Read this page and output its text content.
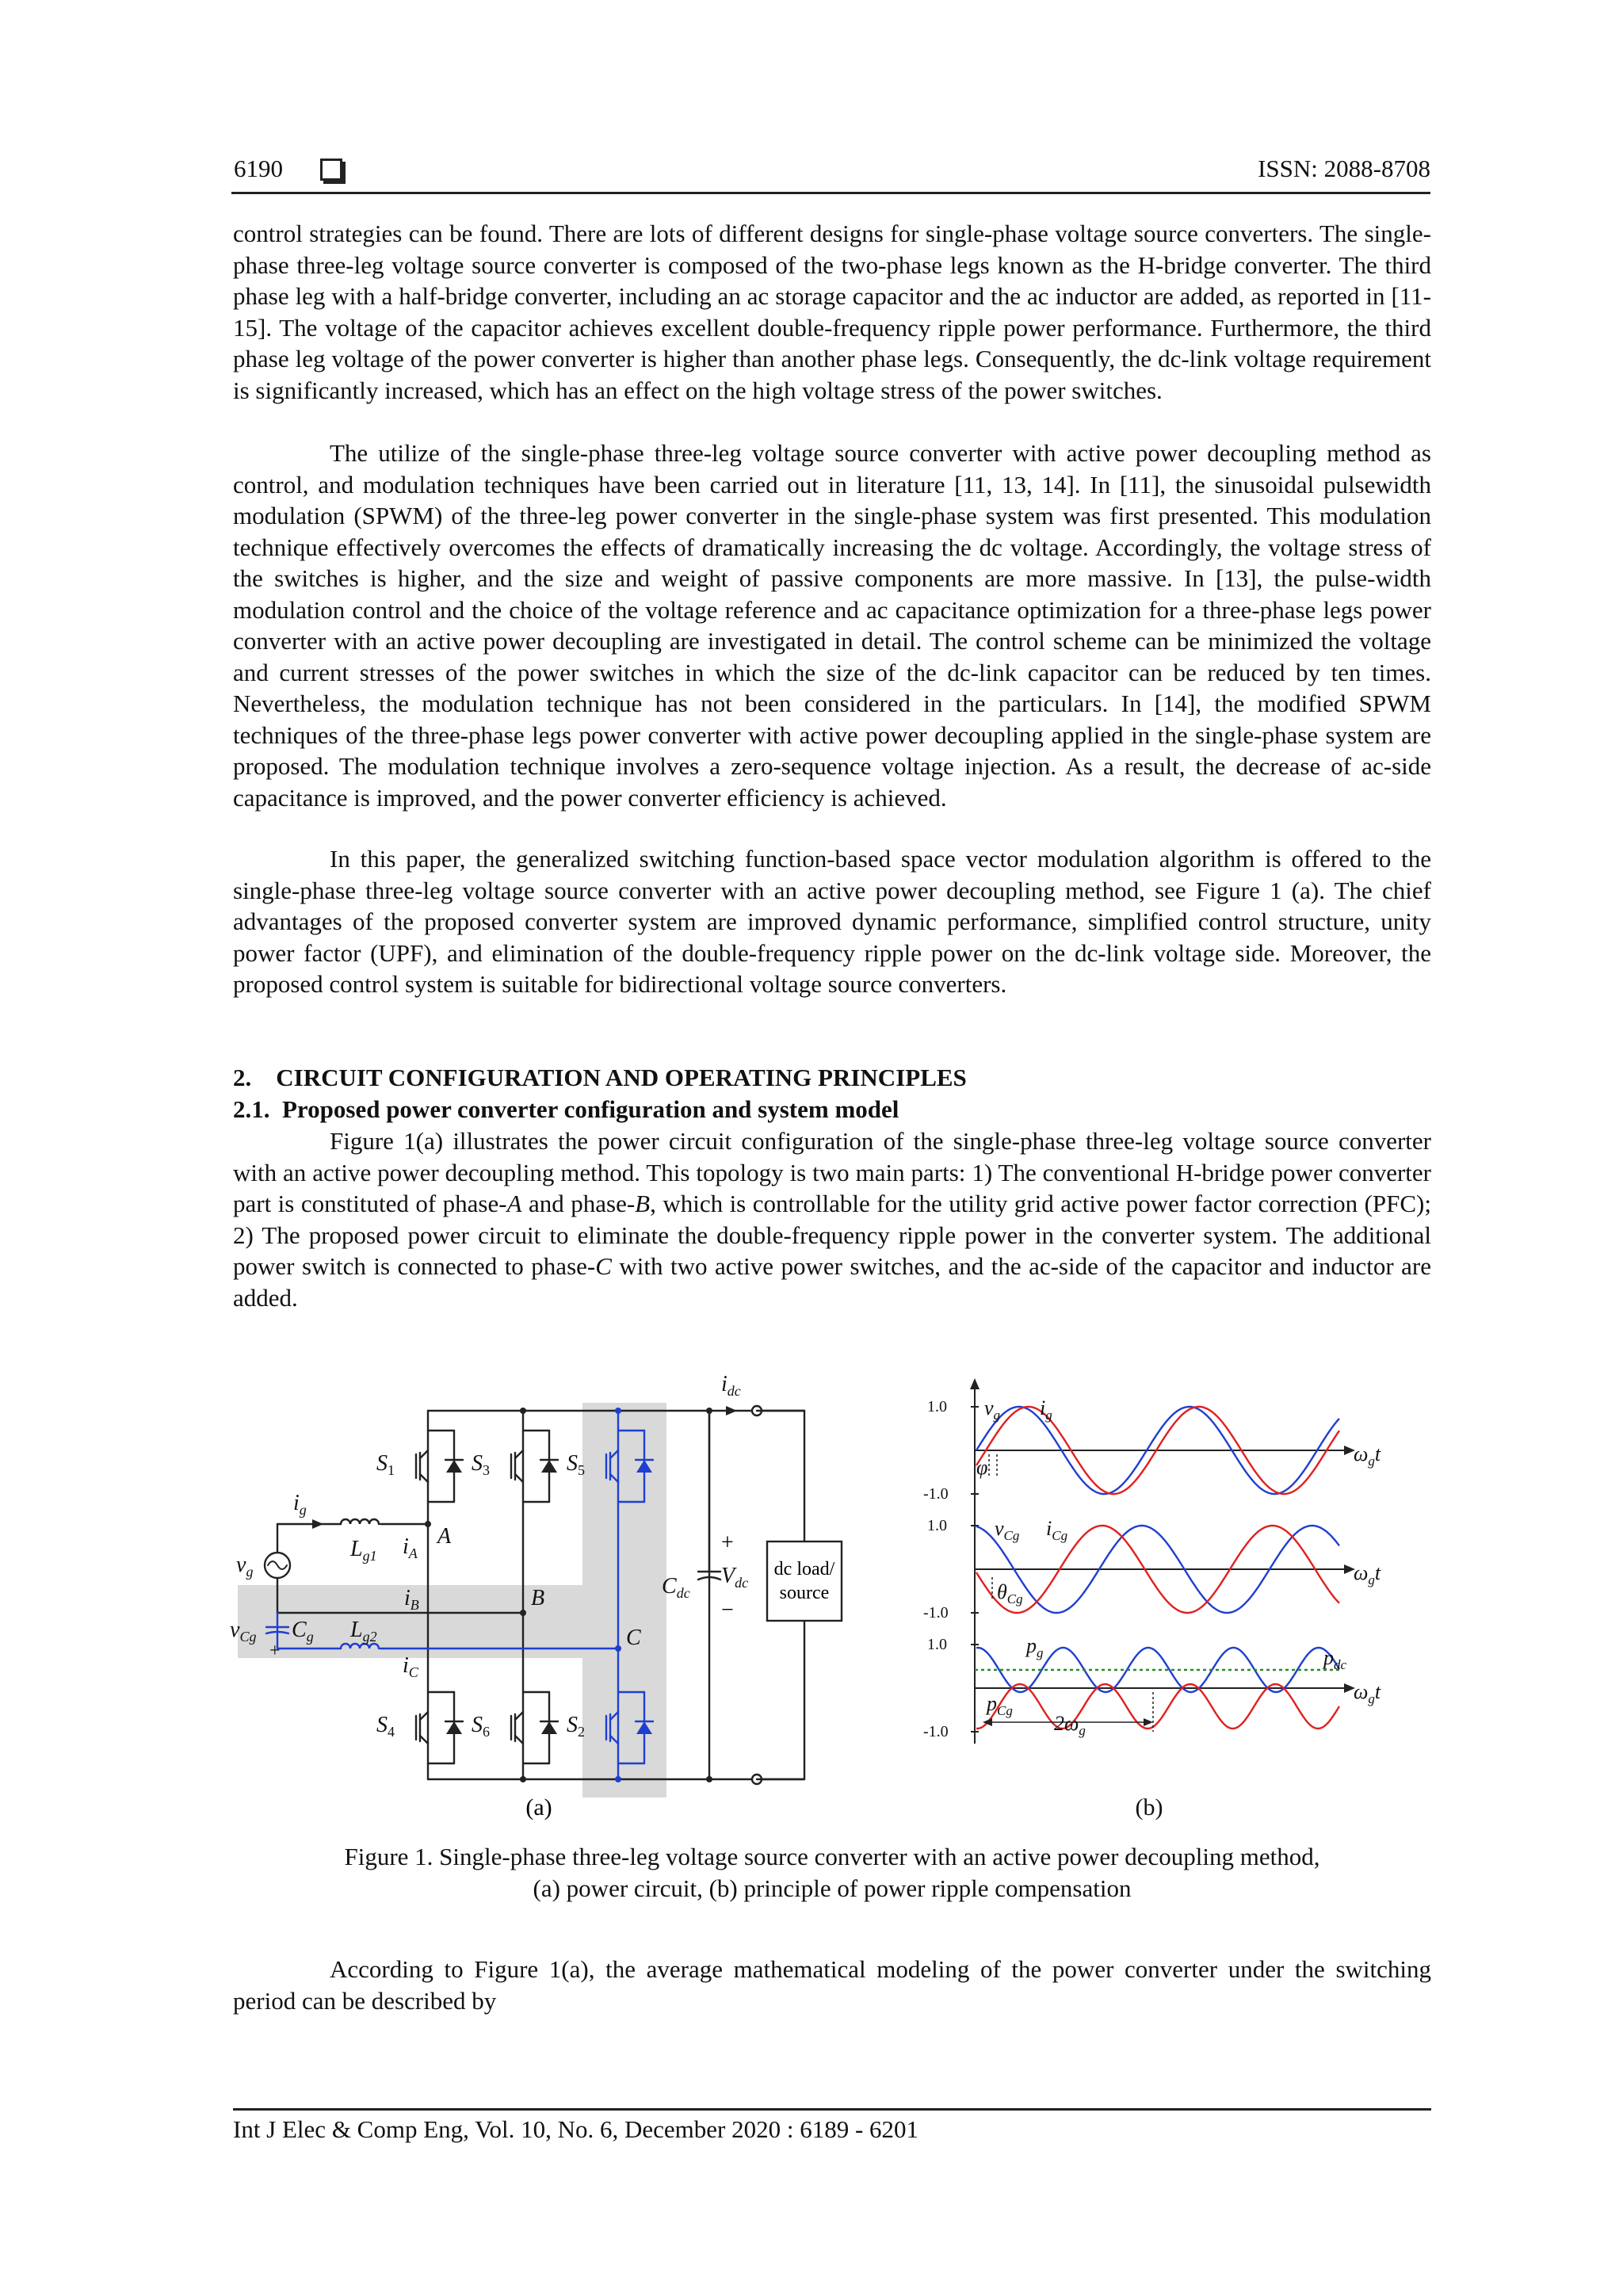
6190	ISSN: 2088-8708

control strategies can be found. There are lots of different designs for single-phase voltage source converters. The single-phase three-leg voltage source converter is composed of the two-phase legs known as the H-bridge converter. The third phase leg with a half-bridge converter, including an ac storage capacitor and the ac inductor are added, as reported in [11-15]. The voltage of the capacitor achieves excellent double-frequency ripple power performance. Furthermore, the third phase leg voltage of the power converter is higher than another phase legs. Consequently, the dc-link voltage requirement is significantly increased, which has an effect on the high voltage stress of the power switches.

The utilize of the single-phase three-leg voltage source converter with active power decoupling method as control, and modulation techniques have been carried out in literature [11, 13, 14]. In [11], the sinusoidal pulsewidth modulation (SPWM) of the three-leg power converter in the single-phase system was first presented. This modulation technique effectively overcomes the effects of dramatically increasing the dc voltage. Accordingly, the voltage stress of the switches is higher, and the size and weight of passive components are more massive. In [13], the pulse-width modulation control and the choice of the voltage reference and ac capacitance optimization for a three-phase legs power converter with an active power decoupling are investigated in detail. The control scheme can be minimized the voltage and current stresses of the power switches in which the size of the dc-link capacitor can be reduced by ten times. Nevertheless, the modulation technique has not been considered in the particulars. In [14], the modified SPWM techniques of the three-phase legs power converter with active power decoupling applied in the single-phase system are proposed. The modulation technique involves a zero-sequence voltage injection. As a result, the decrease of ac-side capacitance is improved, and the power converter efficiency is achieved.

In this paper, the generalized switching function-based space vector modulation algorithm is offered to the single-phase three-leg voltage source converter with an active power decoupling method, see Figure 1 (a). The chief advantages of the proposed converter system are improved dynamic performance, simplified control structure, unity power factor (UPF), and elimination of the double-frequency ripple power on the dc-link voltage side. Moreover, the proposed control system is suitable for bidirectional voltage source converters.

2.    CIRCUIT CONFIGURATION AND OPERATING PRINCIPLES
2.1.  Proposed power converter configuration and system model

Figure 1(a) illustrates the power circuit configuration of the single-phase three-leg voltage source converter with an active power decoupling method. This topology is two main parts: 1) The conventional H-bridge power converter part is constituted of phase-A and phase-B, which is controllable for the utility grid active power factor correction (PFC); 2) The proposed power circuit to eliminate the double-frequency ripple power in the converter system. The additional power switch is connected to phase-C with two active power switches, and the ac-side of the capacitor and inductor are added.

dc load/
source
$i_{dc}$
$S_1$	$S_3$	$S_5$
$S_4$	$S_6$	$S_2$
$i_g$
$v_g$
$L_{g1}$
$L_{g2}$
$C_g$
$v_{Cg}$
$i_A$
$i_B$
$i_C$
A
B
C
$C_{dc}$
$V_{dc}$
+
−
+
(a)
1.0
-1.0
1.0
-1.0
1.0
-1.0
$v_g$ $i_g$
$v_{Cg}$ $i_{Cg}$
$p_g$	$p_{dc}$
$p_{Cg}$
φ
$\theta_{Cg}$
$2\omega_g$
$\omega_gt$
$\omega_gt$
$\omega_gt$
(b)
Figure 1. Single-phase three-leg voltage source converter with an active power decoupling method,
(a) power circuit, (b) principle of power ripple compensation

According to Figure 1(a), the average mathematical modeling of the power converter under the switching period can be described by

Int J Elec & Comp Eng, Vol. 10, No. 6, December 2020 : 6189 - 6201
